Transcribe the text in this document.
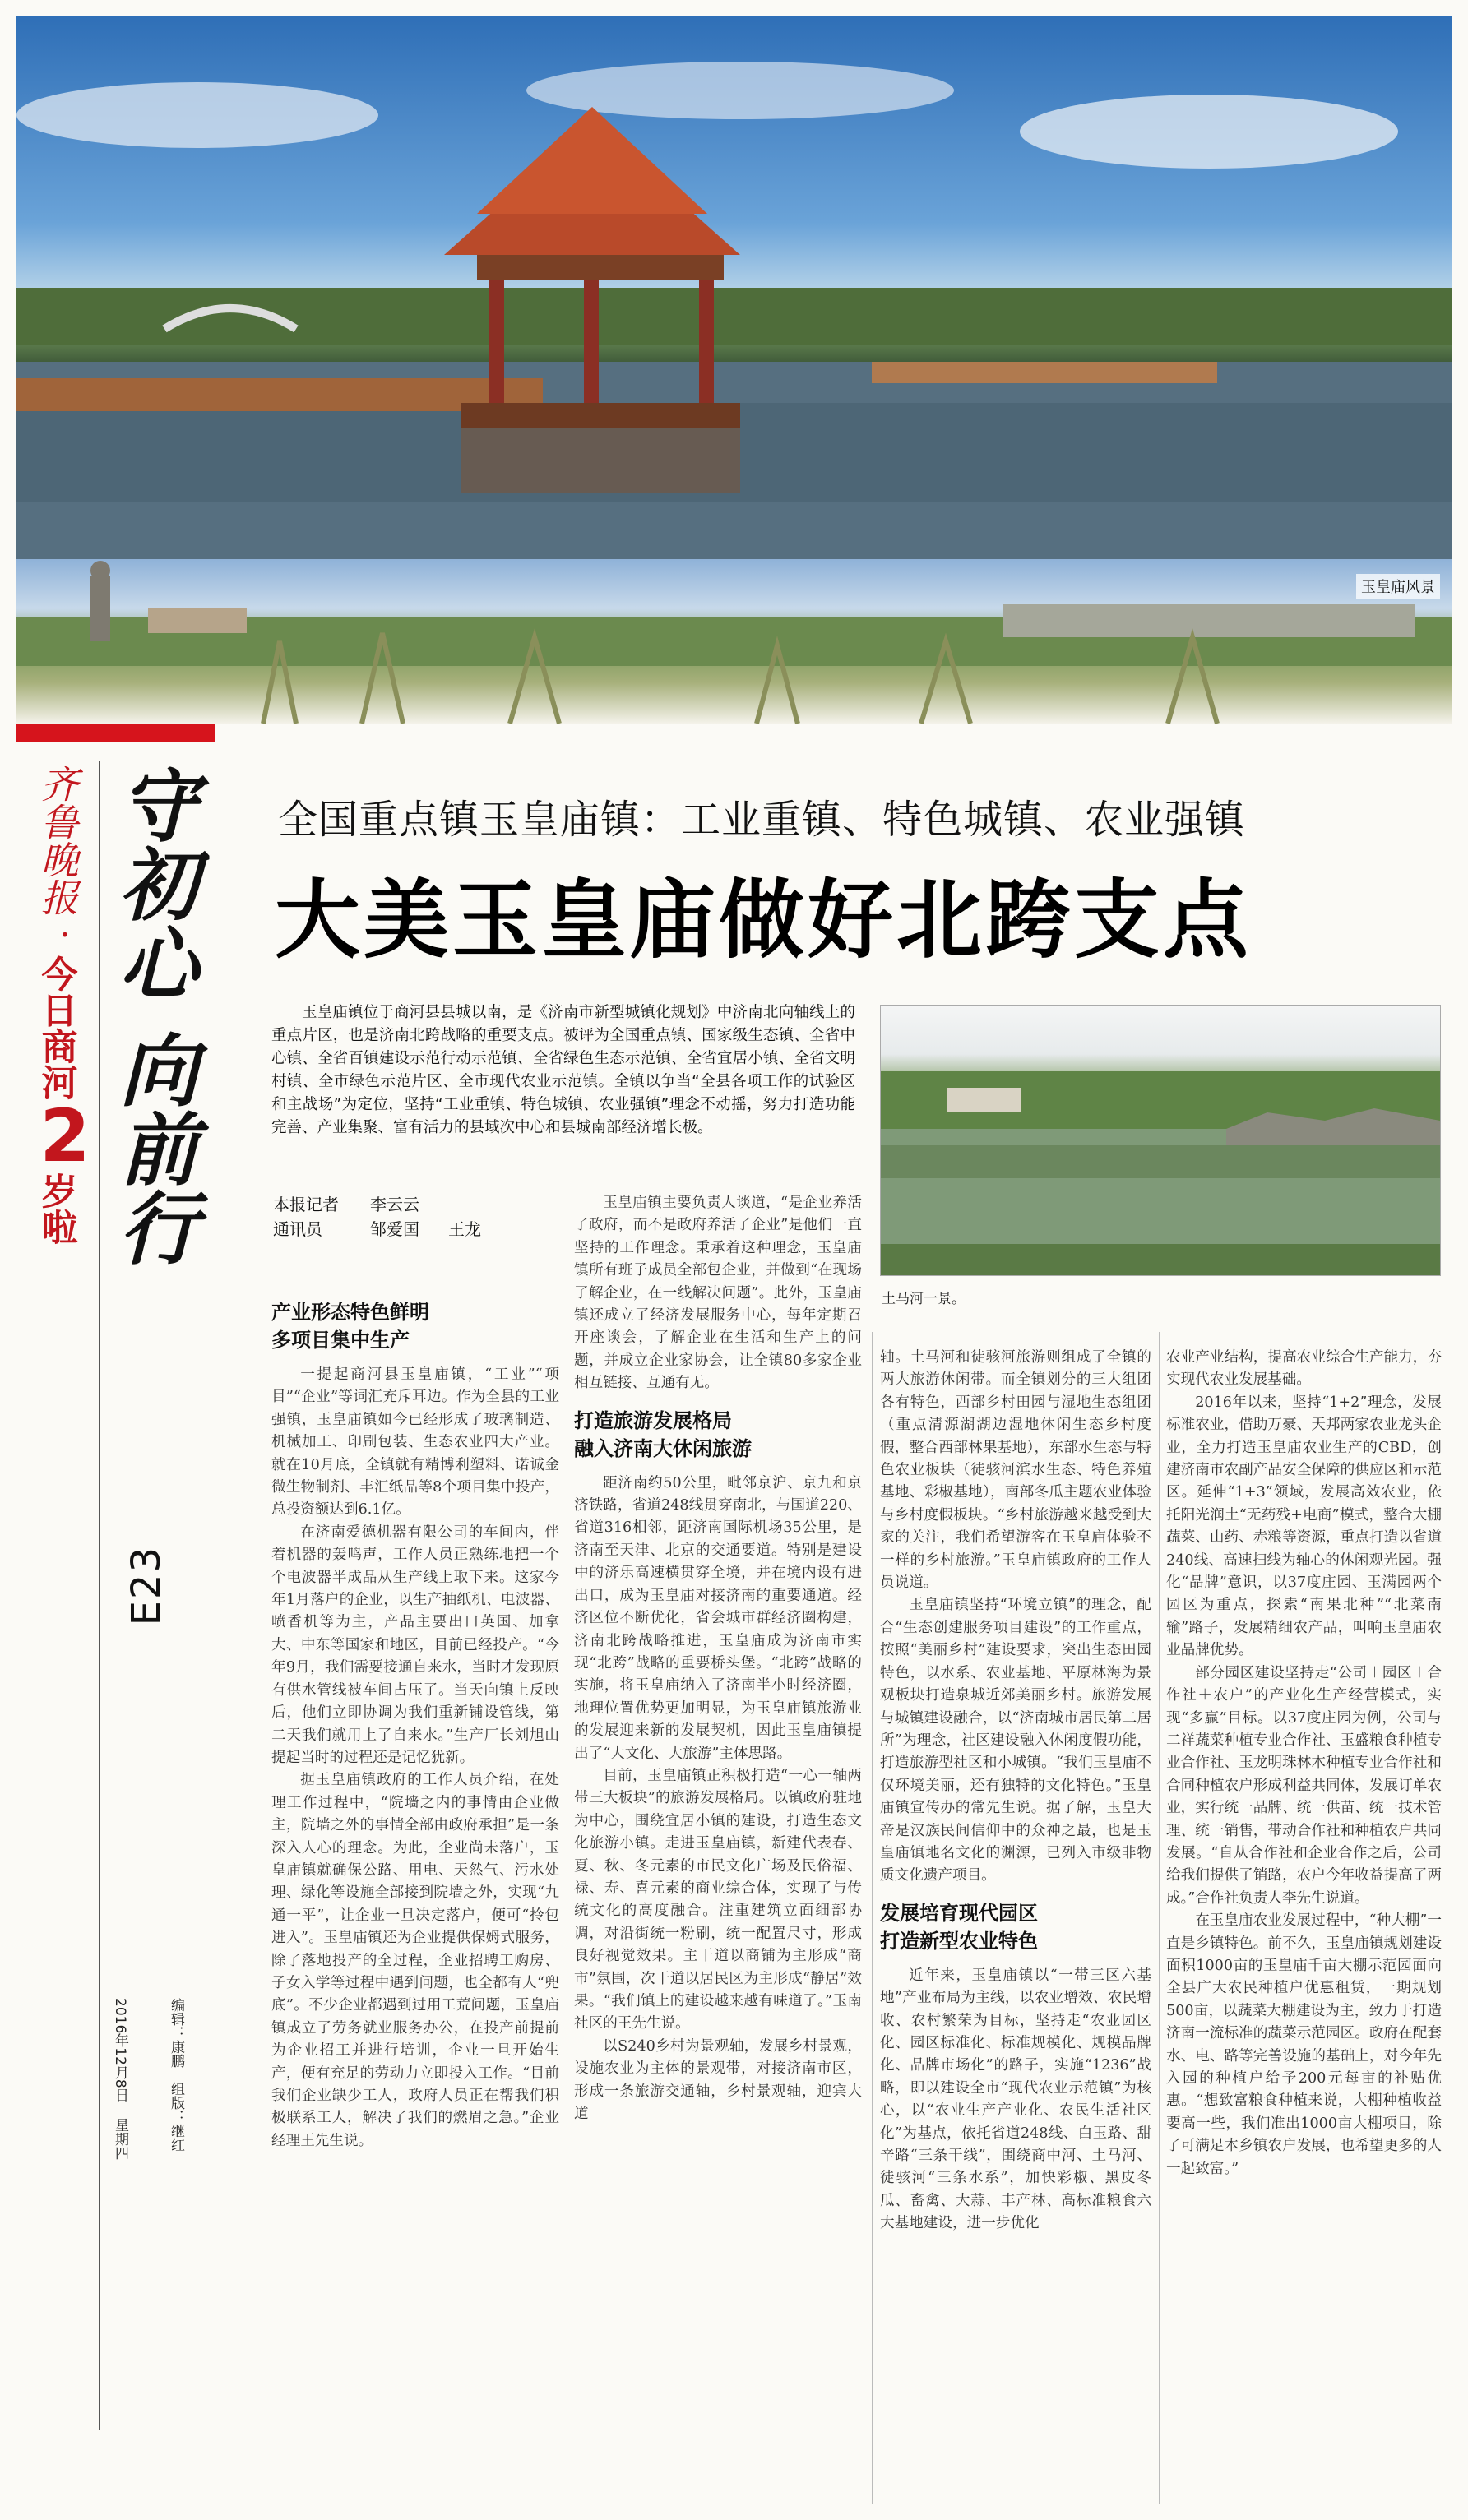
玉皇庙风景
齐鲁晚报
·
今日商河
2
岁啦
守初心 向前行
E23
编辑：康鹏 组版：继红
2016年12月8日 星期四
全国重点镇玉皇庙镇：工业重镇、特色城镇、农业强镇
大美玉皇庙做好北跨支点
玉皇庙镇位于商河县县城以南，是《济南市新型城镇化规划》中济南北向轴线上的重点片区，也是济南北跨战略的重要支点。被评为全国重点镇、国家级生态镇、全省中心镇、全省百镇建设示范行动示范镇、全省绿色生态示范镇、全省宜居小镇、全省文明村镇、全市绿色示范片区、全市现代农业示范镇。全镇以争当“全县各项工作的试验区和主战场”为定位，坚持“工业重镇、特色城镇、农业强镇”理念不动摇，努力打造功能完善、产业集聚、富有活力的县域次中心和县城南部经济增长极。
本报记者 李云云
通讯员	邹爱国 王龙
土马河一景。
产业形态特色鲜明
多项目集中生产

一提起商河县玉皇庙镇，“工业”“项目”“企业”等词汇充斥耳边。作为全县的工业强镇，玉皇庙镇如今已经形成了玻璃制造、机械加工、印刷包装、生态农业四大产业。就在10月底，全镇就有精博利塑料、诺诚金微生物制剂、丰汇纸品等8个项目集中投产，总投资额达到6.1亿。

在济南爱德机器有限公司的车间内，伴着机器的轰鸣声，工作人员正熟练地把一个个电波器半成品从生产线上取下来。这家今年1月落户的企业，以生产抽纸机、电波器、喷香机等为主，产品主要出口英国、加拿大、中东等国家和地区，目前已经投产。“今年9月，我们需要接通自来水，当时才发现原有供水管线被车间占压了。当天向镇上反映后，他们立即协调为我们重新铺设管线，第二天我们就用上了自来水。”生产厂长刘旭山提起当时的过程还是记忆犹新。

据玉皇庙镇政府的工作人员介绍，在处理工作过程中，“院墙之内的事情由企业做主，院墙之外的事情全部由政府承担”是一条深入人心的理念。为此，企业尚未落户，玉皇庙镇就确保公路、用电、天然气、污水处理、绿化等设施全部接到院墙之外，实现“九通一平”，让企业一旦决定落户，便可“拎包进入”。玉皇庙镇还为企业提供保姆式服务，除了落地投产的全过程，企业招聘工购房、子女入学等过程中遇到问题，也全都有人“兜底”。不少企业都遇到过用工荒问题，玉皇庙镇成立了劳务就业服务办公，在投产前提前为企业招工并进行培训，企业一旦开始生产，便有充足的劳动力立即投入工作。“目前我们企业缺少工人，政府人员正在帮我们积极联系工人，解决了我们的燃眉之急。”企业经理王先生说。

玉皇庙镇主要负责人谈道，“是企业养活了政府，而不是政府养活了企业”是他们一直坚持的工作理念。秉承着这种理念，玉皇庙镇所有班子成员全部包企业，并做到“在现场了解企业，在一线解决问题”。此外，玉皇庙镇还成立了经济发展服务中心，每年定期召开座谈会，了解企业在生活和生产上的问题，并成立企业家协会，让全镇80多家企业相互链接、互通有无。

打造旅游发展格局
融入济南大休闲旅游

距济南约50公里，毗邻京沪、京九和京济铁路，省道248线贯穿南北，与国道220、省道316相邻，距济南国际机场35公里，是济南至天津、北京的交通要道。特别是建设中的济乐高速横贯穿全境，并在境内设有进出口，成为玉皇庙对接济南的重要通道。经济区位不断优化，省会城市群经济圈构建，济南北跨战略推进，玉皇庙成为济南市实现“北跨”战略的重要桥头堡。“北跨”战略的实施，将玉皇庙纳入了济南半小时经济圈，地理位置优势更加明显，为玉皇庙镇旅游业的发展迎来新的发展契机，因此玉皇庙镇提出了“大文化、大旅游”主体思路。

目前，玉皇庙镇正积极打造“一心一轴两带三大板块”的旅游发展格局。以镇政府驻地为中心，围绕宜居小镇的建设，打造生态文化旅游小镇。走进玉皇庙镇，新建代表春、夏、秋、冬元素的市民文化广场及民俗福、禄、寿、喜元素的商业综合体，实现了与传统文化的高度融合。注重建筑立面细部协调，对沿街统一粉刷，统一配置尺寸，形成良好视觉效果。主干道以商铺为主形成“商市”氛围，次干道以居民区为主形成“静居”效果。“我们镇上的建设越来越有味道了。”玉南社区的王先生说。

以S240乡村为景观轴，发展乡村景观，设施农业为主体的景观带，对接济南市区，形成一条旅游交通轴，乡村景观轴，迎宾大道

轴。土马河和徒骇河旅游则组成了全镇的两大旅游休闲带。而全镇划分的三大组团各有特色，西部乡村田园与湿地生态组团（重点清源湖湖边湿地休闲生态乡村度假，整合西部林果基地），东部水生态与特色农业板块（徒骇河滨水生态、特色养殖基地、彩椒基地），南部冬瓜主题农业体验与乡村度假板块。“乡村旅游越来越受到大家的关注，我们希望游客在玉皇庙体验不一样的乡村旅游。”玉皇庙镇政府的工作人员说道。

玉皇庙镇坚持“环境立镇”的理念，配合“生态创建服务项目建设”的工作重点，按照“美丽乡村”建设要求，突出生态田园特色，以水系、农业基地、平原林海为景观板块打造泉城近郊美丽乡村。旅游发展与城镇建设融合，以“济南城市居民第二居所”为理念，社区建设融入休闲度假功能，打造旅游型社区和小城镇。“我们玉皇庙不仅环境美丽，还有独特的文化特色。”玉皇庙镇宣传办的常先生说。据了解，玉皇大帝是汉族民间信仰中的众神之最，也是玉皇庙镇地名文化的渊源，已列入市级非物质文化遗产项目。

发展培育现代园区
打造新型农业特色

近年来，玉皇庙镇以“一带三区六基地”产业布局为主线，以农业增效、农民增收、农村繁荣为目标，坚持走“农业园区化、园区标准化、标准规模化、规模品牌化、品牌市场化”的路子，实施“1236”战略，即以建设全市“现代农业示范镇”为核心，以“农业生产产业化、农民生活社区化”为基点，依托省道248线、白玉路、甜辛路“三条干线”，围绕商中河、土马河、徒骇河“三条水系”，加快彩椒、黑皮冬瓜、畜禽、大蒜、丰产林、高标准粮食六大基地建设，进一步优化

农业产业结构，提高农业综合生产能力，夯实现代农业发展基础。

2016年以来，坚持“1+2”理念，发展标准农业，借助万豪、天邦两家农业龙头企业，全力打造玉皇庙农业生产的CBD，创建济南市农副产品安全保障的供应区和示范区。延伸“1+3”领域，发展高效农业，依托阳光润土“无药残+电商”模式，整合大棚蔬菜、山药、赤粮等资源，重点打造以省道240线、高速扫线为轴心的休闲观光园。强化“品牌”意识，以37度庄园、玉满园两个园区为重点，探索“南果北种”“北菜南输”路子，发展精细农产品，叫响玉皇庙农业品牌优势。

部分园区建设坚持走“公司＋园区＋合作社＋农户”的产业化生产经营模式，实现“多赢”目标。以37度庄园为例，公司与二祥蔬菜种植专业合作社、玉盛粮食种植专业合作社、玉龙明珠林木种植专业合作社和合同种植农户形成利益共同体，发展订单农业，实行统一品牌、统一供苗、统一技术管理、统一销售，带动合作社和种植农户共同发展。“自从合作社和企业合作之后，公司给我们提供了销路，农户今年收益提高了两成。”合作社负责人李先生说道。

在玉皇庙农业发展过程中，“种大棚”一直是乡镇特色。前不久，玉皇庙镇规划建设面积1000亩的玉皇庙千亩大棚示范园面向全县广大农民种植户优惠租赁，一期规划500亩，以蔬菜大棚建设为主，致力于打造济南一流标准的蔬菜示范园区。政府在配套水、电、路等完善设施的基础上，对今年先入园的种植户给予200元每亩的补贴优惠。“想致富粮食种植来说，大棚种植收益要高一些，我们准出1000亩大棚项目，除了可满足本乡镇农户发展，也希望更多的人一起致富。”
